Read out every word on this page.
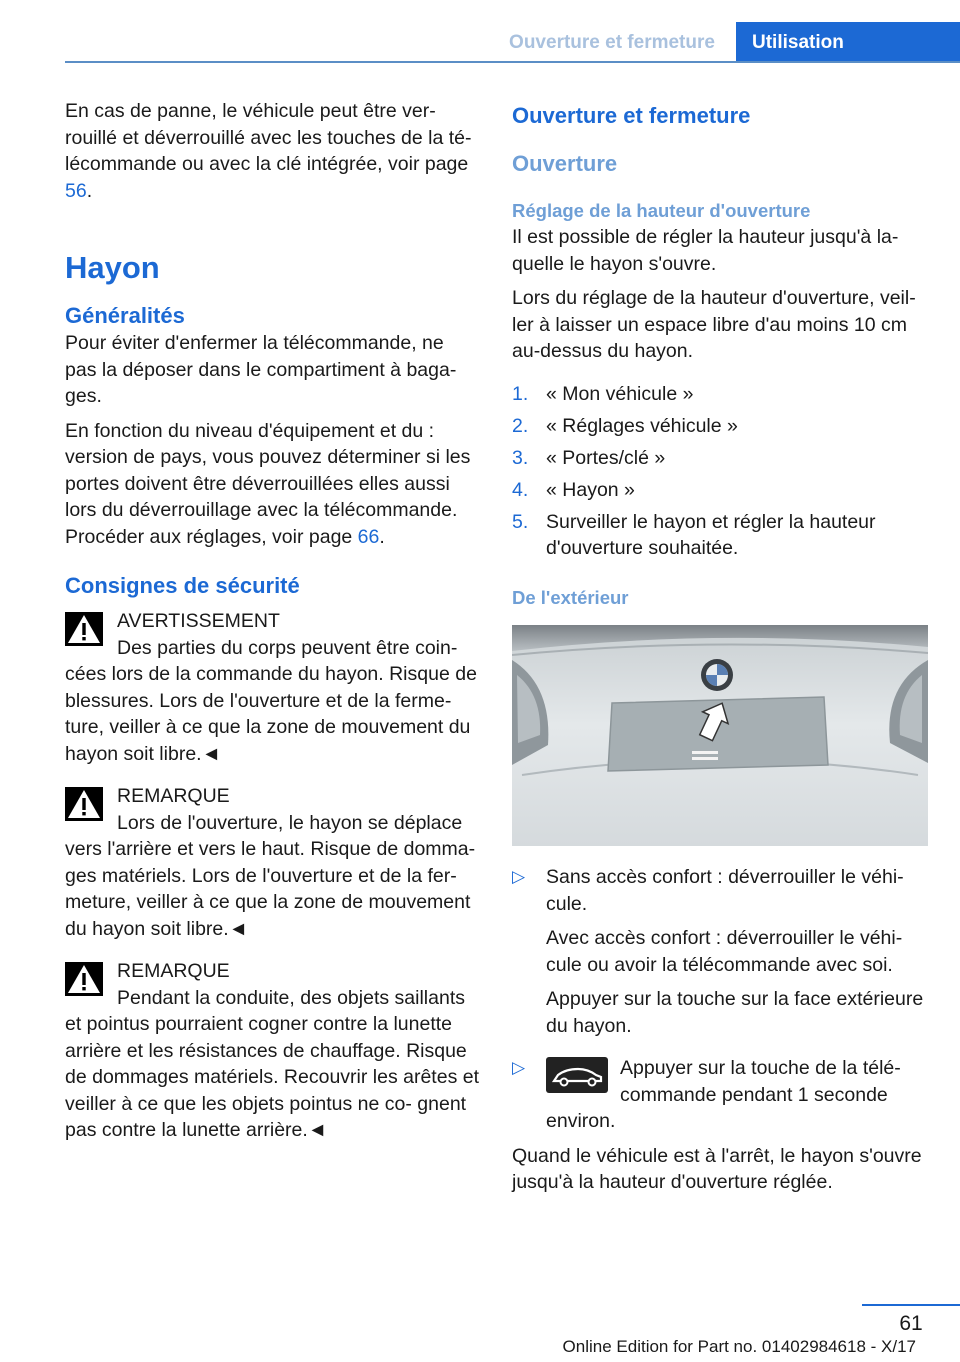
Ouverture et fermeture	Utilisation

En cas de panne, le véhicule peut être ver‐ rouillé et déverrouillé avec les touches de la té‐ lécommande ou avec la clé intégrée, voir page 56.

Hayon
Généralités

Pour éviter d'enfermer la télécommande, ne pas la déposer dans le compartiment à baga‐ ges.

En fonction du niveau d'équipement et du : version de pays, vous pouvez déterminer si les portes doivent être déverrouillées elles aussi lors du déverrouillage avec la télécommande. Procéder aux réglages, voir page 66.

Consignes de sécurité

AVERTISSEMENT

Des parties du corps peuvent être coin‐ cées lors de la commande du hayon. Risque de blessures. Lors de l'ouverture et de la ferme‐ ture, veiller à ce que la zone de mouvement du hayon soit libre.◄

REMARQUE

Lors de l'ouverture, le hayon se déplace vers l'arrière et vers le haut. Risque de domma‐ ges matériels. Lors de l'ouverture et de la fer‐ meture, veiller à ce que la zone de mouvement du hayon soit libre.◄

REMARQUE

Pendant la conduite, des objets saillants et pointus pourraient cogner contre la lunette arrière et les résistances de chauffage. Risque de dommages matériels. Recouvrir les arêtes et veiller à ce que les objets pointus ne co‐ gnent pas contre la lunette arrière.◄

Ouverture et fermeture
Ouverture
Réglage de la hauteur d'ouverture

Il est possible de régler la hauteur jusqu'à la‐ quelle le hayon s'ouvre.

Lors du réglage de la hauteur d'ouverture, veil‐ ler à laisser un espace libre d'au moins 10 cm au-dessus du hayon.

1. « Mon véhicule »
2. « Réglages véhicule »
3. « Portes/clé »
4. « Hayon »
5. Surveiller le hayon et régler la hauteur d'ouverture souhaitée.
De l'extérieur
▷ Sans accès confort : déverrouiller le véhi‐ cule.

Avec accès confort : déverrouiller le véhi‐ cule ou avoir la télécommande avec soi.

Appuyer sur la touche sur la face extérieure du hayon.

▷	Appuyer sur la touche de la télé‐ commande pendant 1 seconde environ.

Quand le véhicule est à l'arrêt, le hayon s'ouvre jusqu'à la hauteur d'ouverture réglée.

61
Online Edition for Part no. 01402984618 - X/17
